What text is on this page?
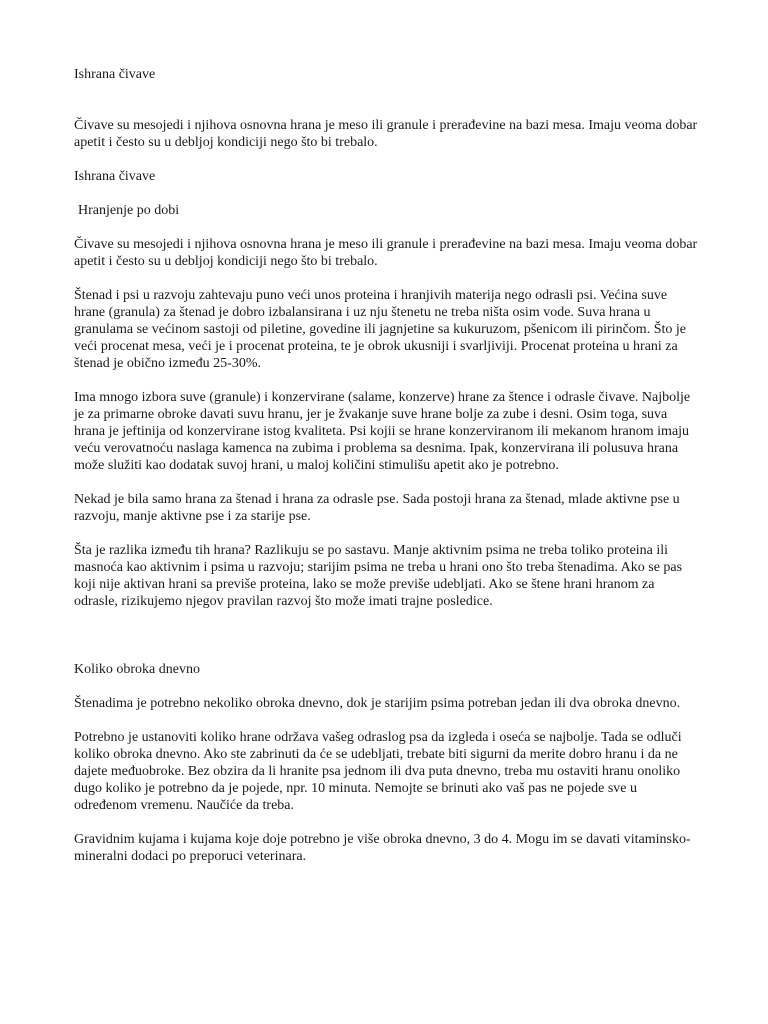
Ishrana čivave

Čivave su mesojedi i njihova osnovna hrana je meso ili granule i prerađevine na bazi mesa. Imaju veoma dobar apetit i često su u debljoj kondiciji nego što bi trebalo.

Ishrana čivave

Hranjenje po dobi

Čivave su mesojedi i njihova osnovna hrana je meso ili granule i prerađevine na bazi mesa. Imaju veoma dobar apetit i često su u debljoj kondiciji nego što bi trebalo.

Štenad i psi u razvoju zahtevaju puno veći unos proteina i hranjivih materija nego odrasli psi. Većina suve hrane (granula) za štenad je dobro izbalansirana i uz nju štenetu ne treba ništa osim vode. Suva hrana u granulama se većinom sastoji od piletine, govedine ili jagnjetine sa kukuruzom, pšenicom ili pirinčom. Što je veći procenat mesa, veći je i procenat proteina, te je obrok ukusniji i svarljiviji. Procenat proteina u hrani za štenad je obično između 25-30%.

Ima mnogo izbora suve (granule) i konzervirane (salame, konzerve) hrane za štence i odrasle čivave. Najbolje je za primarne obroke davati suvu hranu, jer je žvakanje suve hrane bolje za zube i desni. Osim toga, suva hrana je jeftinija od konzervirane istog kvaliteta. Psi kojii se hrane konzerviranom ili mekanom hranom imaju veću verovatnoću naslaga kamenca na zubima i problema sa desnima. Ipak, konzervirana ili polusuva hrana može služiti kao dodatak suvoj hrani, u maloj količini stimulišu apetit ako je potrebno.

Nekad je bila samo hrana za štenad i hrana za odrasle pse. Sada postoji hrana za štenad, mlade aktivne pse u razvoju, manje aktivne pse i za starije pse.

Šta je razlika između tih hrana? Razlikuju se po sastavu. Manje aktivnim psima ne treba toliko proteina ili masnoća kao aktivnim i psima u razvoju; starijim psima ne treba u hrani ono što treba štenadima. Ako se pas koji nije aktivan hrani sa previše proteina, lako se može previše udebljati. Ako se štene hrani hranom za odrasle, rizikujemo njegov pravilan razvoj što može imati trajne posledice.

Koliko obroka dnevno

Štenadima je potrebno nekoliko obroka dnevno, dok je starijim psima potreban jedan ili dva obroka dnevno.

Potrebno je ustanoviti koliko hrane održava vašeg odraslog psa da izgleda i oseća se najbolje. Tada se odluči koliko obroka dnevno. Ako ste zabrinuti da će se udebljati, trebate biti sigurni da merite dobro hranu i da ne dajete međuobroke. Bez obzira da li hranite psa jednom ili dva puta dnevno, treba mu ostaviti hranu onoliko dugo koliko je potrebno da je pojede, npr. 10 minuta. Nemojte se brinuti ako vaš pas ne pojede sve u određenom vremenu. Naučiće da treba.

Gravidnim kujama i kujama koje doje potrebno je više obroka dnevno, 3 do 4. Mogu im se davati vitaminsko-mineralni dodaci po preporuci veterinara.
